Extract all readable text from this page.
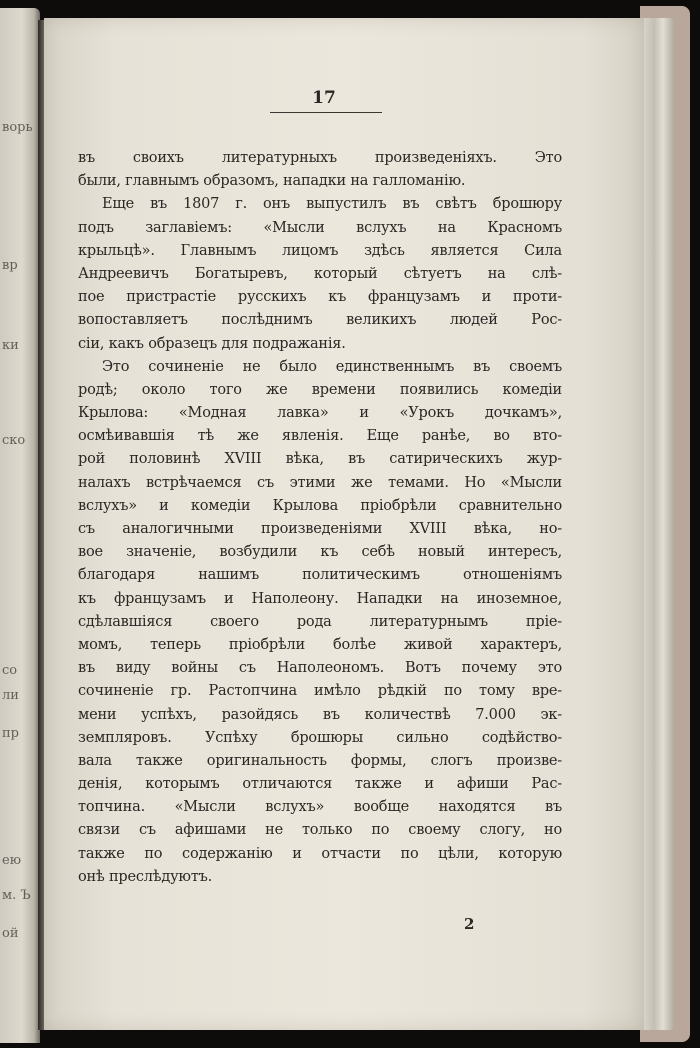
ворь
вр
ки
ско
со
ли
пр
ею
м. Ъ
ой
17
въ своихъ литературныхъ произведенiяхъ. Это
были, главнымъ образомъ, нападки на галломанiю.
Еще въ 1807 г. онъ выпустилъ въ свѣтъ брошюру
подъ заглавiемъ: «Мысли вслухъ на Красномъ
крыльцѣ». Главнымъ лицомъ здѣсь является Сила
Андреевичъ Богатыревъ, который сѣтуетъ на слѣ-
пое пристрастiе русскихъ къ французамъ и проти-
вопоставляетъ послѣднимъ великихъ людей Рос-
сiи, какъ образецъ для подражанiя.
Это сочиненiе не было единственнымъ въ своемъ
родѣ; около того же времени появились комедiи
Крылова: «Модная лавка» и «Урокъ дочкамъ»,
осмѣивавшiя тѣ же явленiя. Еще ранѣе, во вто-
рой половинѣ XVIII вѣка, въ сатирическихъ жур-
налахъ встрѣчаемся съ этими же темами. Но «Мысли
вслухъ» и комедiи Крылова прiобрѣли сравнительно
съ аналогичными произведенiями XVIII вѣка, но-
вое значенiе, возбудили къ себѣ новый интересъ,
благодаря нашимъ политическимъ отношенiямъ
къ французамъ и Наполеону. Нападки на иноземное,
сдѣлавшiяся своего рода литературнымъ прiе-
момъ, теперь прiобрѣли болѣе живой характеръ,
въ виду войны съ Наполеономъ. Вотъ почему это
сочиненiе гр. Растопчина имѣло рѣдкiй по тому вре-
мени успѣхъ, разойдясь въ количествѣ 7.000 эк-
земпляровъ. Успѣху брошюры сильно содѣйство-
вала также оригинальность формы, слогъ произве-
денiя, которымъ отличаются также и афиши Рас-
топчина. «Мысли вслухъ» вообще находятся въ
связи съ афишами не только по своему слогу, но
также по содержанiю и отчасти по цѣли, которую
онѣ преслѣдуютъ.
2
